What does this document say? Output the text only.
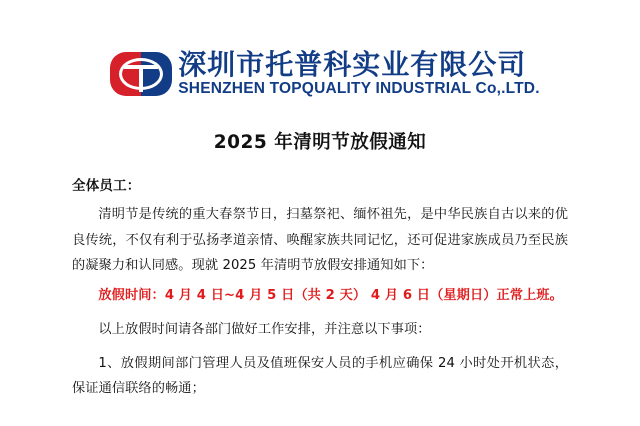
深圳市托普科实业有限公司
SHENZHEN TOPQUALITY INDUSTRIAL Co,.LTD.
2025 年清明节放假通知
全体员工：
清明节是传统的重大春祭节日，扫墓祭祀、缅怀祖先，是中华民族自古以来的优良传统，不仅有利于弘扬孝道亲情、唤醒家族共同记忆，还可促进家族成员乃至民族的凝聚力和认同感。现就 2025 年清明节放假安排通知如下：
放假时间：4 月 4 日~4 月 5 日（共 2 天） 4 月 6 日（星期日）正常上班。
以上放假时间请各部门做好工作安排，并注意以下事项：
1、放假期间部门管理人员及值班保安人员的手机应确保 24 小时处开机状态，保证通信联络的畅通；
